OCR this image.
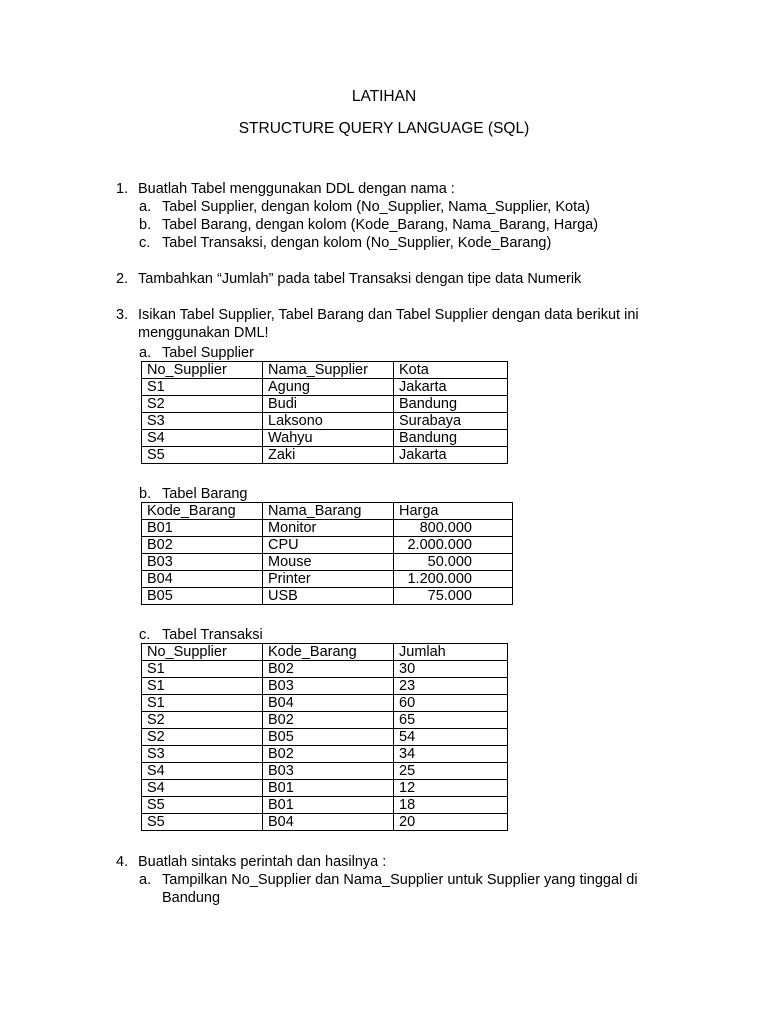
LATIHAN
STRUCTURE QUERY LANGUAGE (SQL)
1. Buatlah Tabel menggunakan DDL dengan nama :
a. Tabel Supplier, dengan kolom (No_Supplier, Nama_Supplier, Kota)
b. Tabel Barang, dengan kolom (Kode_Barang, Nama_Barang, Harga)
c. Tabel Transaksi, dengan kolom (No_Supplier, Kode_Barang)
2. Tambahkan “Jumlah” pada tabel Transaksi dengan tipe data Numerik
3. Isikan Tabel Supplier, Tabel Barang dan Tabel Supplier dengan data berikut ini menggunakan DML!
a. Tabel Supplier
No_Supplier	Nama_Supplier	Kota
S1	Agung	Jakarta
S2	Budi	Bandung
S3	Laksono	Surabaya
S4	Wahyu	Bandung
S5	Zaki	Jakarta
b. Tabel Barang
Kode_Barang	Nama_Barang	Harga
B01	Monitor	800.000
B02	CPU	2.000.000
B03	Mouse	50.000
B04	Printer	1.200.000
B05	USB	75.000
c. Tabel Transaksi
No_Supplier	Kode_Barang	Jumlah
S1	B02	30
S1	B03	23
S1	B04	60
S2	B02	65
S2	B05	54
S3	B02	34
S4	B03	25
S4	B01	12
S5	B01	18
S5	B04	20
4. Buatlah sintaks perintah dan hasilnya :
a. Tampilkan No_Supplier dan Nama_Supplier untuk Supplier yang tinggal di Bandung
